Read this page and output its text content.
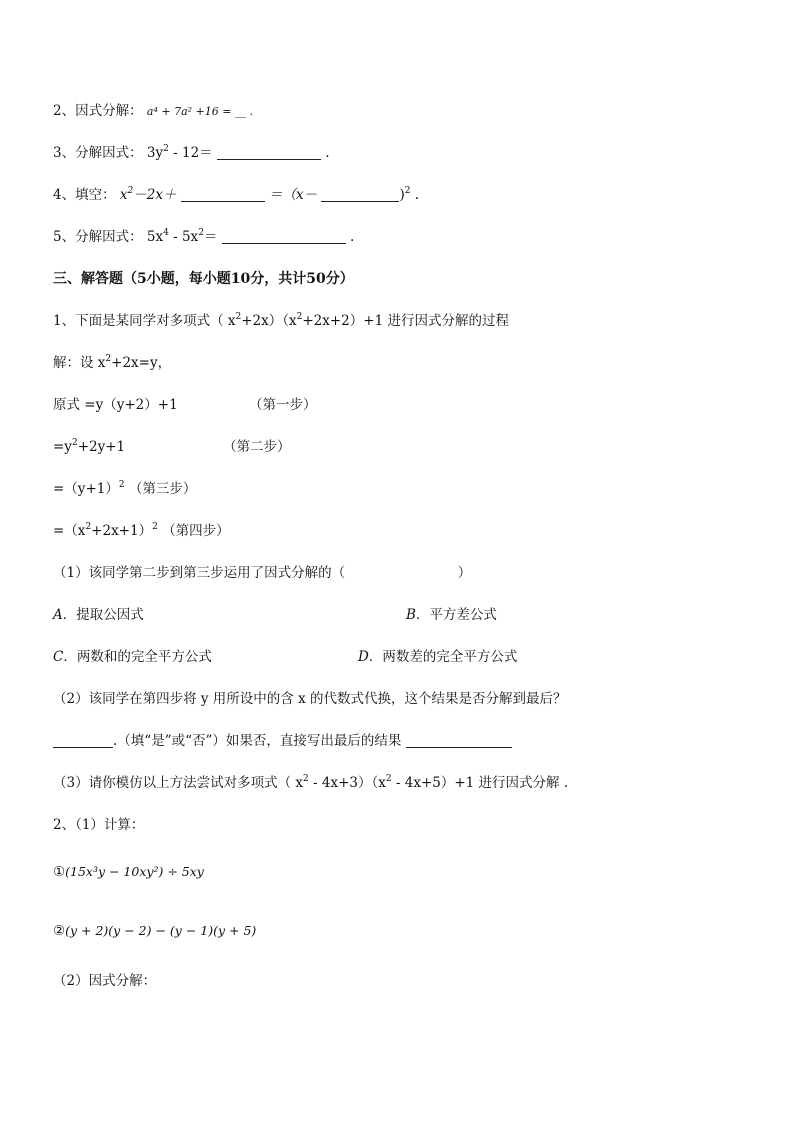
2、因式分解： a⁴ + 7a² +16 = __ .
3、分解因式： $3y^2 - 12=$	.
4、填空： $x^2-2x+$	＝（x－	)$^2$ .
5、分解因式： $5x^4 - 5x^2=$	.
三、解答题（5小题，每小题10分，共计50分）
1、下面是某同学对多项式（ $x^2+2x)(x^2+2x+2)+1$ 进行因式分解的过程
解：设 $x^2+2x=y$，
原式 =y（y+2）+1	（第一步）
$=y^2+2y+1$	（第二步）
$=(y+1)^2$ （第三步）
$=(x^2+2x+1)^2$ （第四步）
（1）该同学第二步到第三步运用了因式分解的（	）
A．提取公因式	B．平方差公式
C．两数和的完全平方公式	D．两数差的完全平方公式
（2）该同学在第四步将 y 用所设中的含 x 的代数式代换，这个结果是否分解到最后？
.（填“是”或“否”）如果否，直接写出最后的结果
（3）请你模仿以上方法尝试对多项式（ $x^2 - 4x+3)(x^2 - 4x+5)+1$ 进行因式分解 .
2、（1）计算：
①(15x³y − 10xy²) ÷ 5xy
②(y + 2)(y − 2) − (y − 1)(y + 5)
（2）因式分解：
